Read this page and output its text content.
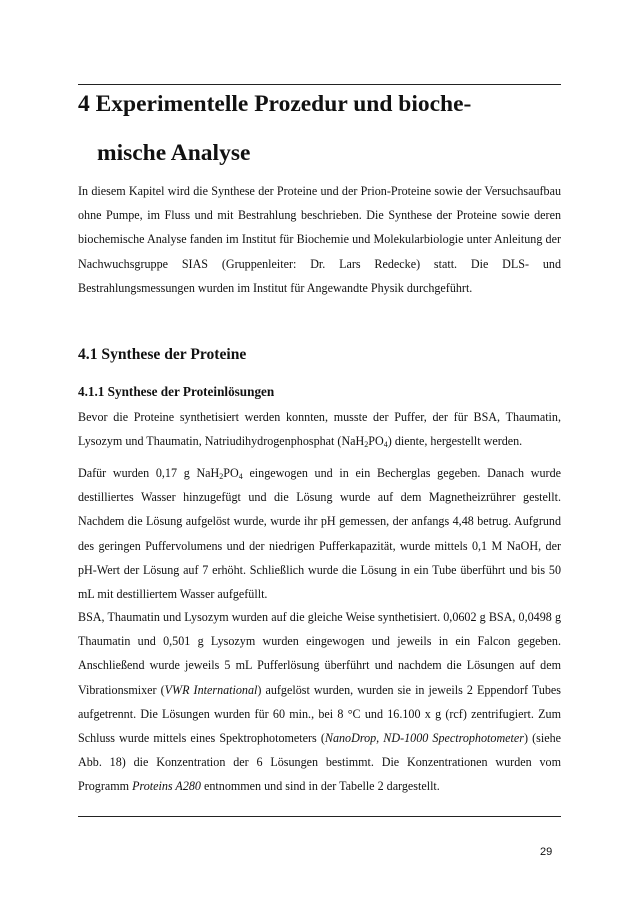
4 Experimentelle Prozedur und bioche-
mische Analyse

In diesem Kapitel wird die Synthese der Proteine und der Prion-Proteine sowie der Versuchsaufbau ohne Pumpe, im Fluss und mit Bestrahlung beschrieben. Die Synthese der Proteine sowie deren biochemische Analyse fanden im Institut für Biochemie und Molekularbiologie unter Anleitung der Nachwuchsgruppe SIAS (Gruppenleiter: Dr. Lars Redecke) statt. Die DLS- und Bestrahlungsmessungen wurden im Institut für Angewandte Physik durchgeführt.

4.1 Synthese der Proteine
4.1.1 Synthese der Proteinlösungen

Bevor die Proteine synthetisiert werden konnten, musste der Puffer, der für BSA, Thaumatin, Lysozym und Thaumatin, Natriudihydrogenphosphat $(NaH_2PO_4)$ diente, hergestellt werden.

Dafür wurden 0,17 g $NaH_2PO_4$ eingewogen und in ein Becherglas gegeben. Danach wurde destilliertes Wasser hinzugefügt und die Lösung wurde auf dem Magnetheizrührer gestellt. Nachdem die Lösung aufgelöst wurde, wurde ihr pH gemessen, der anfangs 4,48 betrug. Aufgrund des geringen Puffervolumens und der niedrigen Pufferkapazität, wurde mittels 0,1 M NaOH, der pH-Wert der Lösung auf 7 erhöht. Schließlich wurde die Lösung in ein Tube überführt und bis 50 mL mit destilliertem Wasser aufgefüllt.

BSA, Thaumatin und Lysozym wurden auf die gleiche Weise synthetisiert. 0,0602 g BSA, 0,0498 g Thaumatin und 0,501 g Lysozym wurden eingewogen und jeweils in ein Falcon gegeben. Anschließend wurde jeweils 5 mL Pufferlösung überführt und nachdem die Lösungen auf dem Vibrationsmixer (VWR International) aufgelöst wurden, wurden sie in jeweils 2 Eppendorf Tubes aufgetrennt. Die Lösungen wurden für 60 min., bei 8 °C und 16.100 x g (rcf) zentrifugiert. Zum Schluss wurde mittels eines Spektrophotometers (NanoDrop, ND-1000 Spectrophotometer) (siehe Abb. 18) die Konzentration der 6 Lösungen bestimmt. Die Konzentrationen wurden vom Programm Proteins A280 entnommen und sind in der Tabelle 2 dargestellt.

29
